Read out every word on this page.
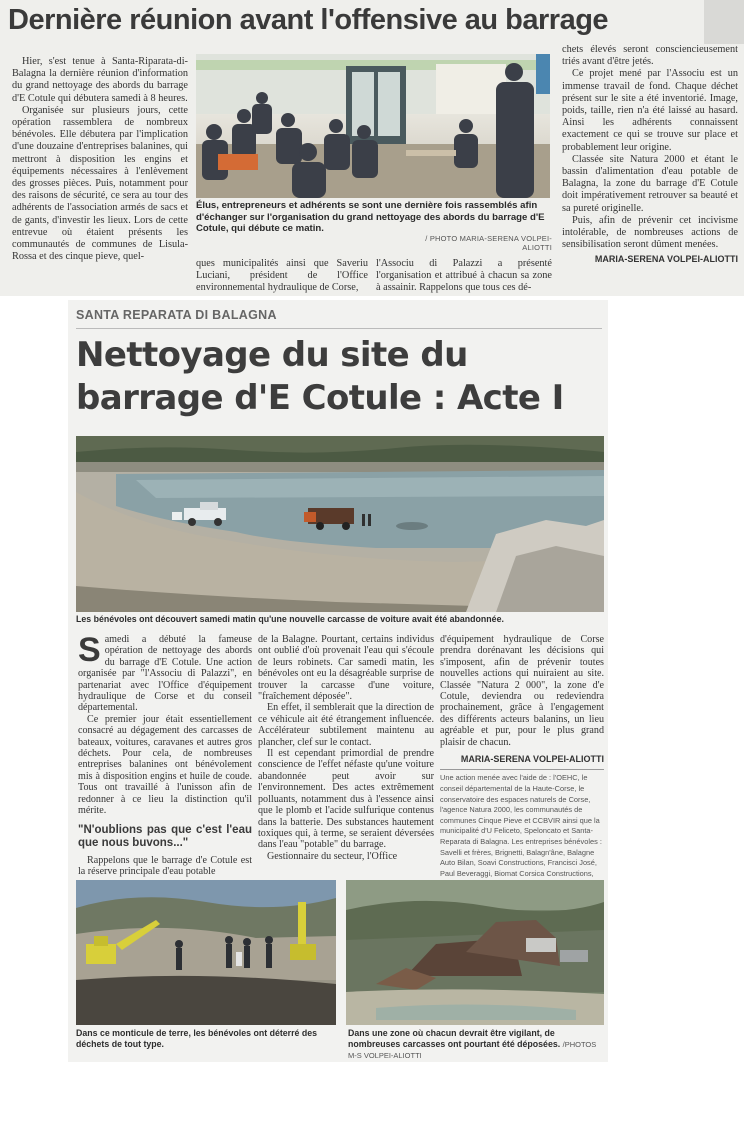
Dernière réunion avant l'offensive au barrage

Hier, s'est tenue à Santa-Riparata-di-Balagna la dernière réunion d'information du grand nettoyage des abords du barrage d'E Cotule qui débutera samedi à 8 heures.

Organisée sur plusieurs jours, cette opération rassemblera de nombreux bénévoles. Elle débutera par l'implication d'une douzaine d'entreprises balanines, qui mettront à disposition les engins et équipements nécessaires à l'enlèvement des grosses pièces. Puis, notamment pour des raisons de sécurité, ce sera au tour des adhérents de l'association armés de sacs et de gants, d'investir les lieux. Lors de cette entrevue où étaient présents les communautés de communes de Lisula-Rossa et des cinque pieve, quel-

Élus, entrepreneurs et adhérents se sont une dernière fois rassemblés afin d'échanger sur l'organisation du grand nettoyage des abords du barrage d'E Cotule, qui débute ce matin.
/ PHOTO MARIA-SERENA VOLPEI-ALIOTTI

ques municipalités ainsi que Saveriu Luciani, président de l'Office environnemental hydraulique de Corse,

l'Associu di Palazzi a présenté l'organisation et attribué à chacun sa zone à assainir. Rappelons que tous ces dé-

chets élevés seront consciencieusement triés avant d'être jetés.

Ce projet mené par l'Associu est un immense travail de fond. Chaque déchet présent sur le site a été inventorié. Image, poids, taille, rien n'a été laissé au hasard. Ainsi les adhérents connaissent exactement ce qui se trouve sur place et probablement leur origine.

Classée site Natura 2000 et étant le bassin d'alimentation d'eau potable de Balagna, la zone du barrage d'E Cotule doit impérativement retrouver sa beauté et sa pureté originelle.

Puis, afin de prévenir cet incivisme intolérable, de nombreuses actions de sensibilisation seront dûment menées.

MARIA-SERENA VOLPEI-ALIOTTI
SANTA REPARATA DI BALAGNA
Nettoyage du site du barrage d'E Cotule : Acte I
Les bénévoles ont découvert samedi matin qu'une nouvelle carcasse de voiture avait été abandonnée.

Samedi a débuté la fameuse opération de nettoyage des abords du barrage d'E Cotule. Une action organisée par "l'Associu di Palazzi", en partenariat avec l'Office d'équipement hydraulique de Corse et du conseil départemental.

Ce premier jour était essentiellement consacré au dégagement des carcasses de bateaux, voitures, caravanes et autres gros déchets. Pour cela, de nombreuses entreprises balanines ont bénévolement mis à disposition engins et huile de coude. Tous ont travaillé à l'unisson afin de redonner à ce lieu la distinction qu'il mérite.

"N'oublions pas que c'est l'eau que nous buvons..."

Rappelons que le barrage d'e Cotule est la réserve principale d'eau potable

de la Balagne. Pourtant, certains individus ont oublié d'où provenait l'eau qui s'écoule de leurs robinets. Car samedi matin, les bénévoles ont eu la désagréable surprise de trouver la carcasse d'une voiture, "fraîchement déposée".

En effet, il semblerait que la direction de ce véhicule ait été étrangement influencée. Accélérateur subtilement maintenu au plancher, clef sur le contact.

Il est cependant primordial de prendre conscience de l'effet néfaste qu'une voiture abandonnée peut avoir sur l'environnement. Des actes extrêmement polluants, notamment dus à l'essence ainsi que le plomb et l'acide sulfurique contenus dans la batterie. Des substances hautement toxiques qui, à terme, se seraient déversées dans l'eau "potable" du barrage.

Gestionnaire du secteur, l'Office

d'équipement hydraulique de Corse prendra dorénavant les décisions qui s'imposent, afin de prévenir toutes nouvelles actions qui nuiraient au site. Classée "Natura 2 000", la zone d'e Cotule, deviendra ou redeviendra prochainement, grâce à l'engagement des différents acteurs balanins, un lieu agréable et pur, pour le plus grand plaisir de chacun.

MARIA-SERENA VOLPEI-ALIOTTI
Une action menée avec l'aide de : l'OEHC, le conseil départemental de la Haute-Corse, le conservatoire des espaces naturels de Corse, l'agence Natura 2000, les communautés de communes Cinque Pieve et CCBVIR ainsi que la municipalité d'U Feliceto, Speloncato et Santa-Reparata di Balagna. Les entreprises bénévoles : Savelli et frères, Brignetti, Balagn'âne, Balagne Auto Bilan, Soavi Constructions, Francisci José, Paul Beveraggi, Biomat Corsica Constructions,
Dans ce monticule de terre, les bénévoles ont déterré des déchets de tout type.
Dans une zone où chacun devrait être vigilant, de nombreuses carcasses ont pourtant été déposées. /PHOTOS M-S VOLPEI-ALIOTTI
